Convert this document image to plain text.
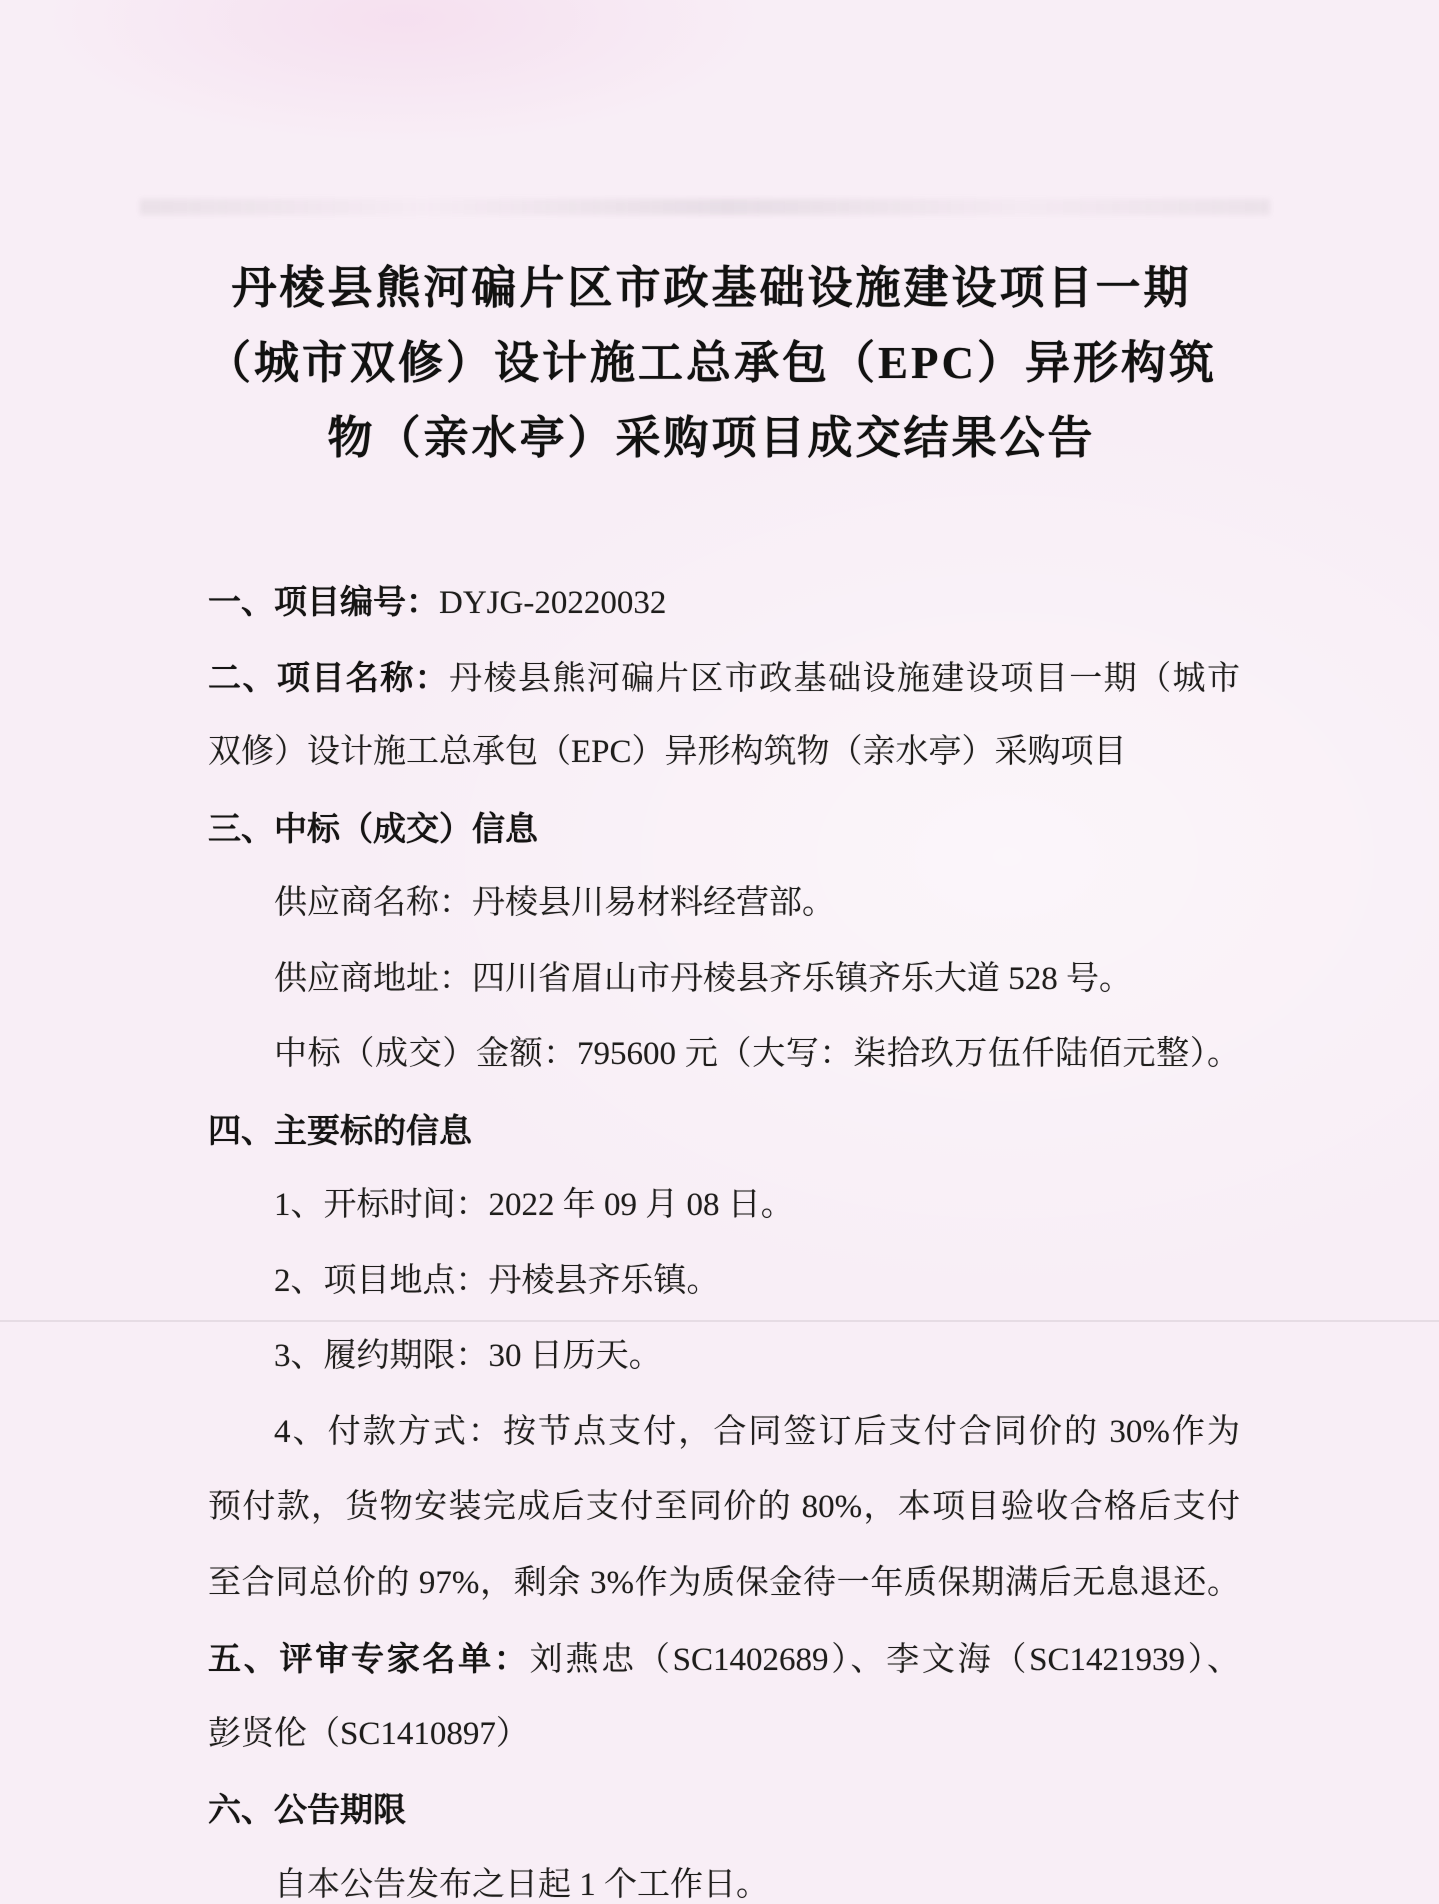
丹棱县熊河碥片区市政基础设施建设项目一期
（城市双修）设计施工总承包（EPC）异形构筑
物（亲水亭）采购项目成交结果公告
一、项目编号：DYJG-20220032
二、项目名称：丹棱县熊河碥片区市政基础设施建设项目一期（城市
双修）设计施工总承包（EPC）异形构筑物（亲水亭）采购项目
三、中标（成交）信息
供应商名称：丹棱县川易材料经营部。
供应商地址：四川省眉山市丹棱县齐乐镇齐乐大道 528 号。
中标（成交）金额：795600 元（大写：柒拾玖万伍仟陆佰元整）。
四、主要标的信息
1、开标时间：2022 年 09 月 08 日。
2、项目地点：丹棱县齐乐镇。
3、履约期限：30 日历天。
4、付款方式：按节点支付，合同签订后支付合同价的 30%作为
预付款，货物安装完成后支付至同价的 80%，本项目验收合格后支付
至合同总价的 97%，剩余 3%作为质保金待一年质保期满后无息退还。
五、评审专家名单：刘燕忠（SC1402689）、李文海（SC1421939）、
彭贤伦（SC1410897）
六、公告期限
自本公告发布之日起 1 个工作日。
